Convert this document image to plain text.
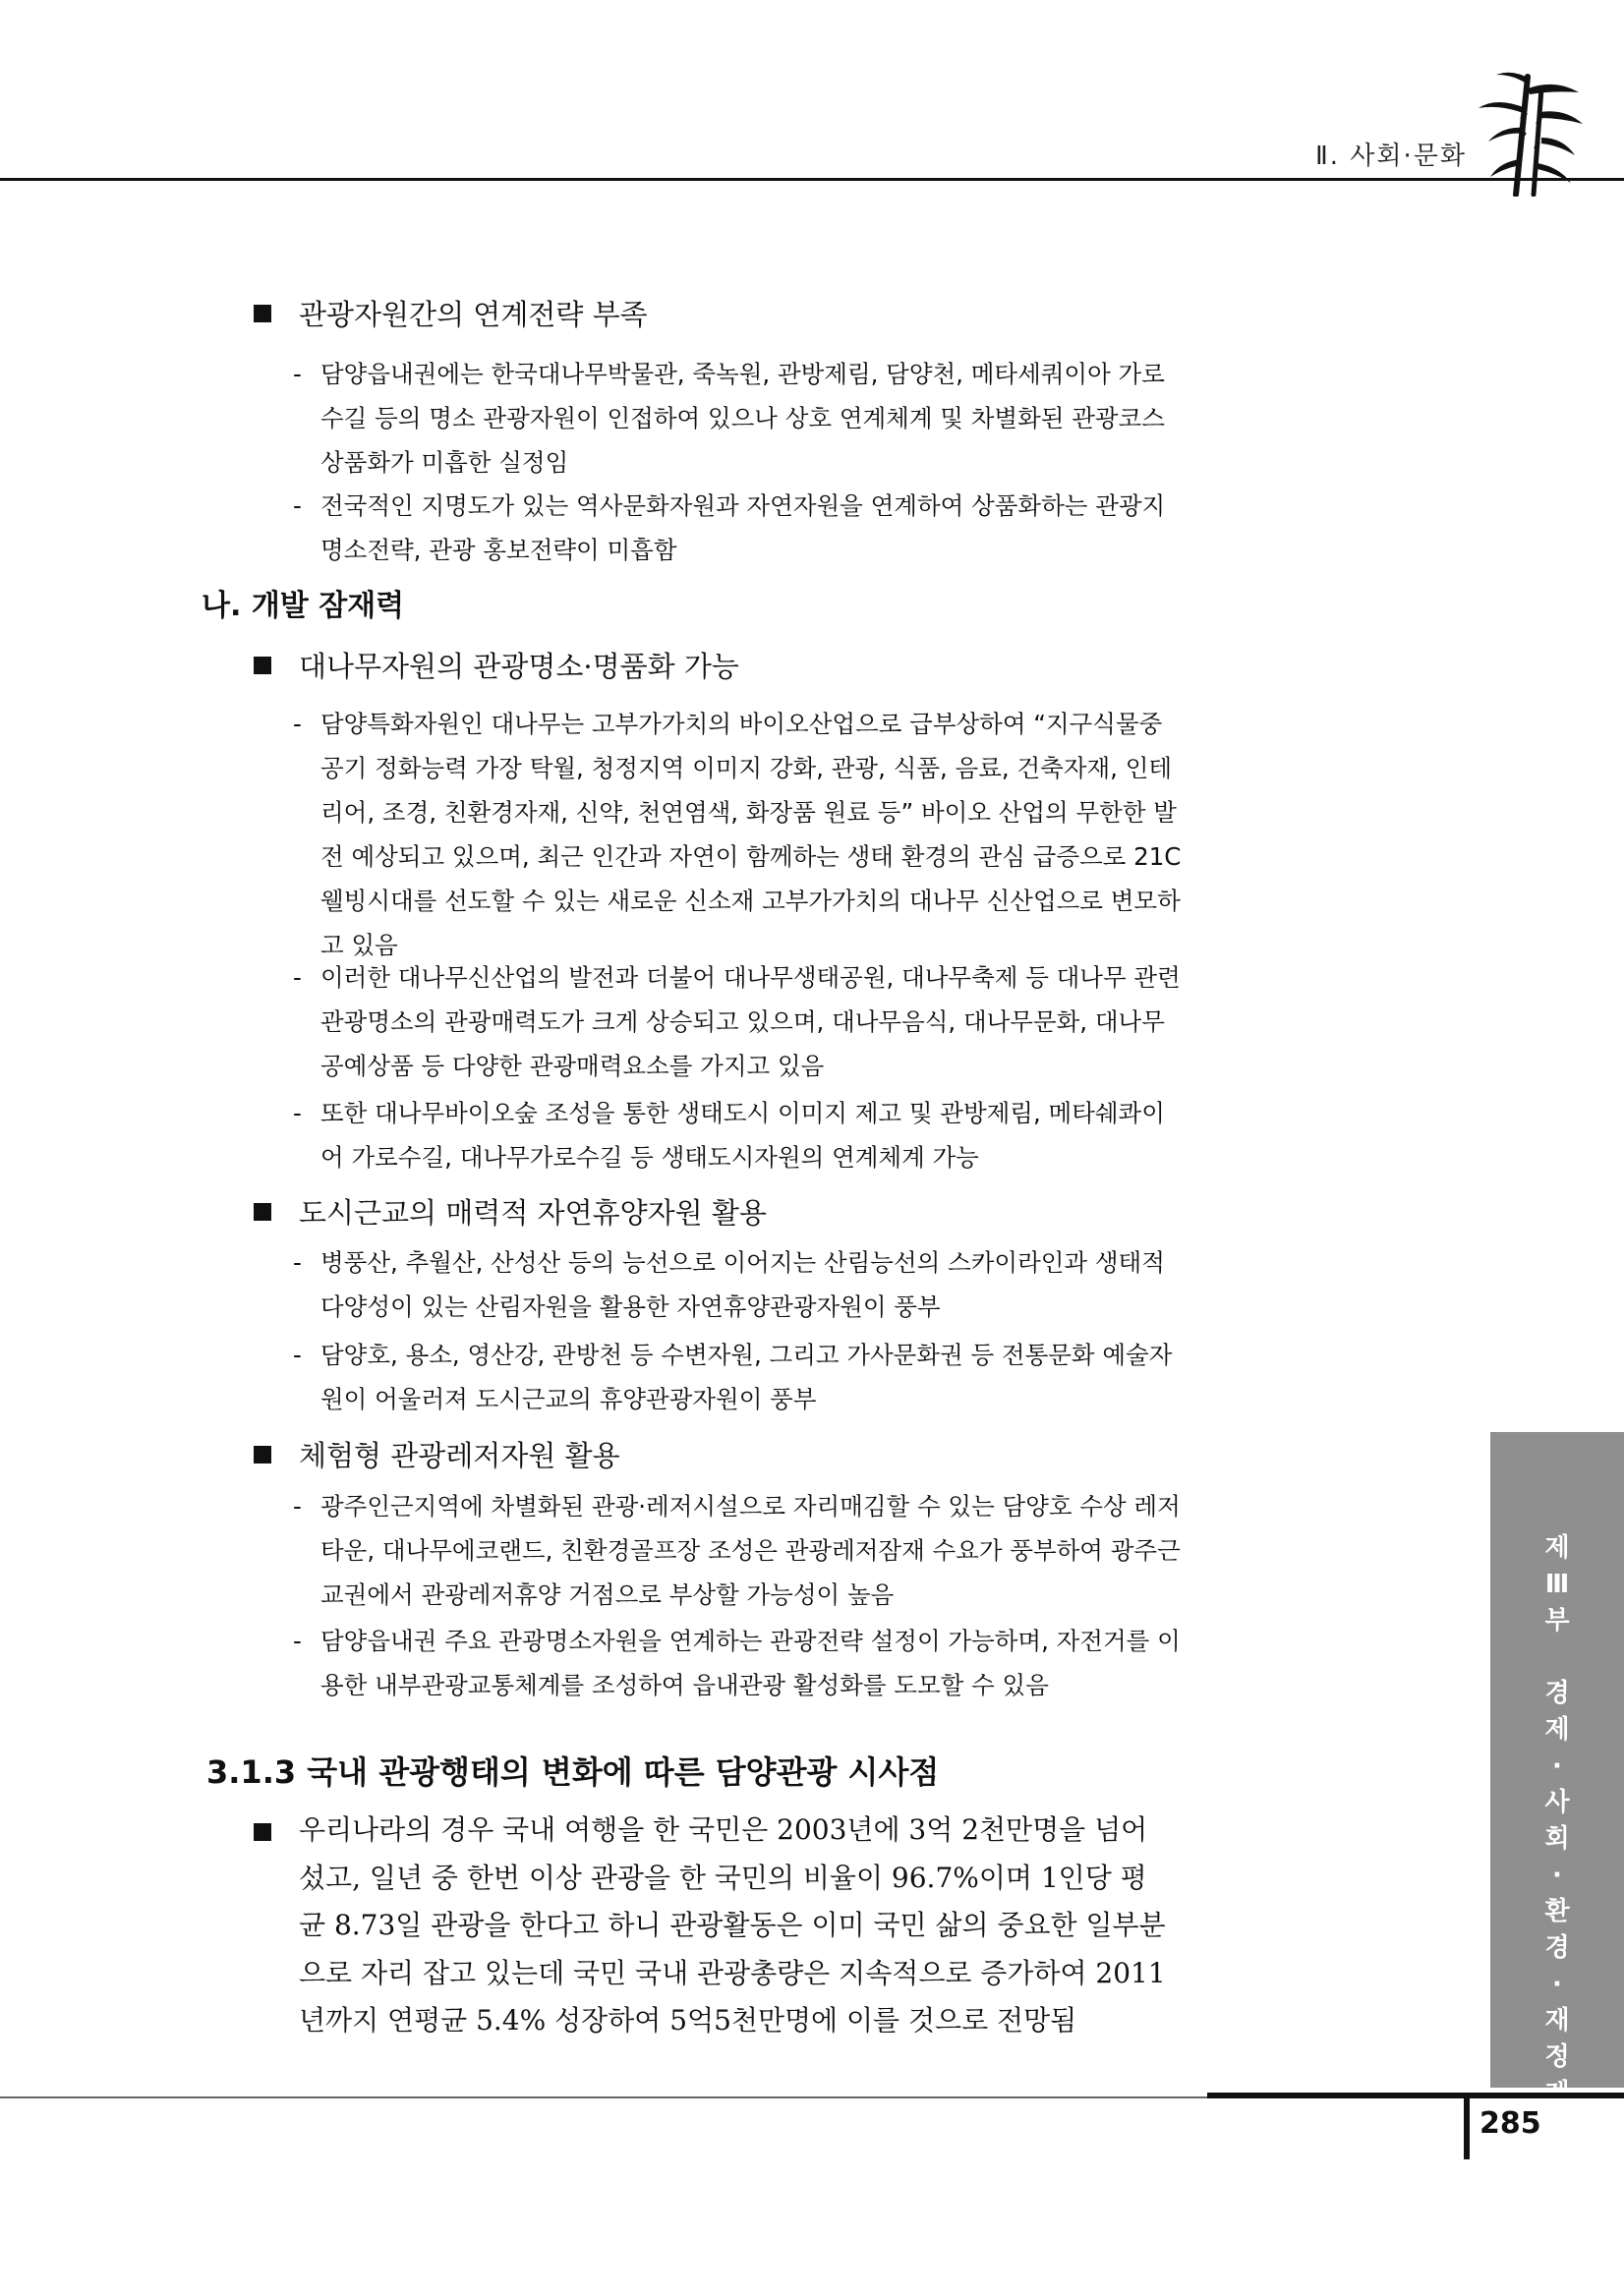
Ⅱ. 사회·문화
관광자원간의 연계전략 부족
- 담양읍내권에는 한국대나무박물관, 죽녹원, 관방제림, 담양천, 메타세쿼이아 가로수길 등의 명소 관광자원이 인접하여 있으나 상호 연계체계 및 차별화된 관광코스상품화가 미흡한 실정임
- 전국적인 지명도가 있는 역사문화자원과 자연자원을 연계하여 상품화하는 관광지 명소전략, 관광 홍보전략이 미흡함
나. 개발 잠재력
대나무자원의 관광명소·명품화 가능
- 담양특화자원인 대나무는 고부가가치의 바이오산업으로 급부상하여 “지구식물중 공기 정화능력 가장 탁월, 청정지역 이미지 강화, 관광, 식품, 음료, 건축자재, 인테리어, 조경, 친환경자재, 신약, 천연염색, 화장품 원료 등” 바이오 산업의 무한한 발전 예상되고 있으며, 최근 인간과 자연이 함께하는 생태 환경의 관심 급증으로 21C 웰빙시대를 선도할 수 있는 새로운 신소재 고부가가치의 대나무 신산업으로 변모하고 있음
- 이러한 대나무신산업의 발전과 더불어 대나무생태공원, 대나무축제 등 대나무 관련 관광명소의 관광매력도가 크게 상승되고 있으며, 대나무음식, 대나무문화, 대나무공예상품 등 다양한 관광매력요소를 가지고 있음
- 또한 대나무바이오숲 조성을 통한 생태도시 이미지 제고 및 관방제림, 메타쉐콰이어 가로수길, 대나무가로수길 등 생태도시자원의 연계체계 가능
도시근교의 매력적 자연휴양자원 활용
- 병풍산, 추월산, 산성산 등의 능선으로 이어지는 산림능선의 스카이라인과 생태적 다양성이 있는 산림자원을 활용한 자연휴양관광자원이 풍부
- 담양호, 용소, 영산강, 관방천 등 수변자원, 그리고 가사문화권 등 전통문화 예술자원이 어울러져 도시근교의 휴양관광자원이 풍부
체험형 관광레저자원 활용
- 광주인근지역에 차별화된 관광·레저시설으로 자리매김할 수 있는 담양호 수상 레저타운, 대나무에코랜드, 친환경골프장 조성은 관광레저잠재 수요가 풍부하여 광주근교권에서 관광레저휴양 거점으로 부상할 가능성이 높음
- 담양읍내권 주요 관광명소자원을 연계하는 관광전략 설정이 가능하며, 자전거를 이용한 내부관광교통체계를 조성하여 읍내관광 활성화를 도모할 수 있음
3.1.3 국내 관광행태의 변화에 따른 담양관광 시사점
우리나라의 경우 국내 여행을 한 국민은 2003년에 3억 2천만명을 넘어섰고, 일년 중 한번 이상 관광을 한 국민의 비율이 96.7%이며 1인당 평균 8.73일 관광을 한다고 하니 관광활동은 이미 국민 삶의 중요한 일부분으로 자리 잡고 있는데 국민 국내 관광총량은 지속적으로 증가하여 2011년까지 연평균 5.4% 성장하여 5억5천만명에 이를 것으로 전망됨
제
Ⅲ
부

경
제
·
사
회
·
환
경
·
재
정

획
285
